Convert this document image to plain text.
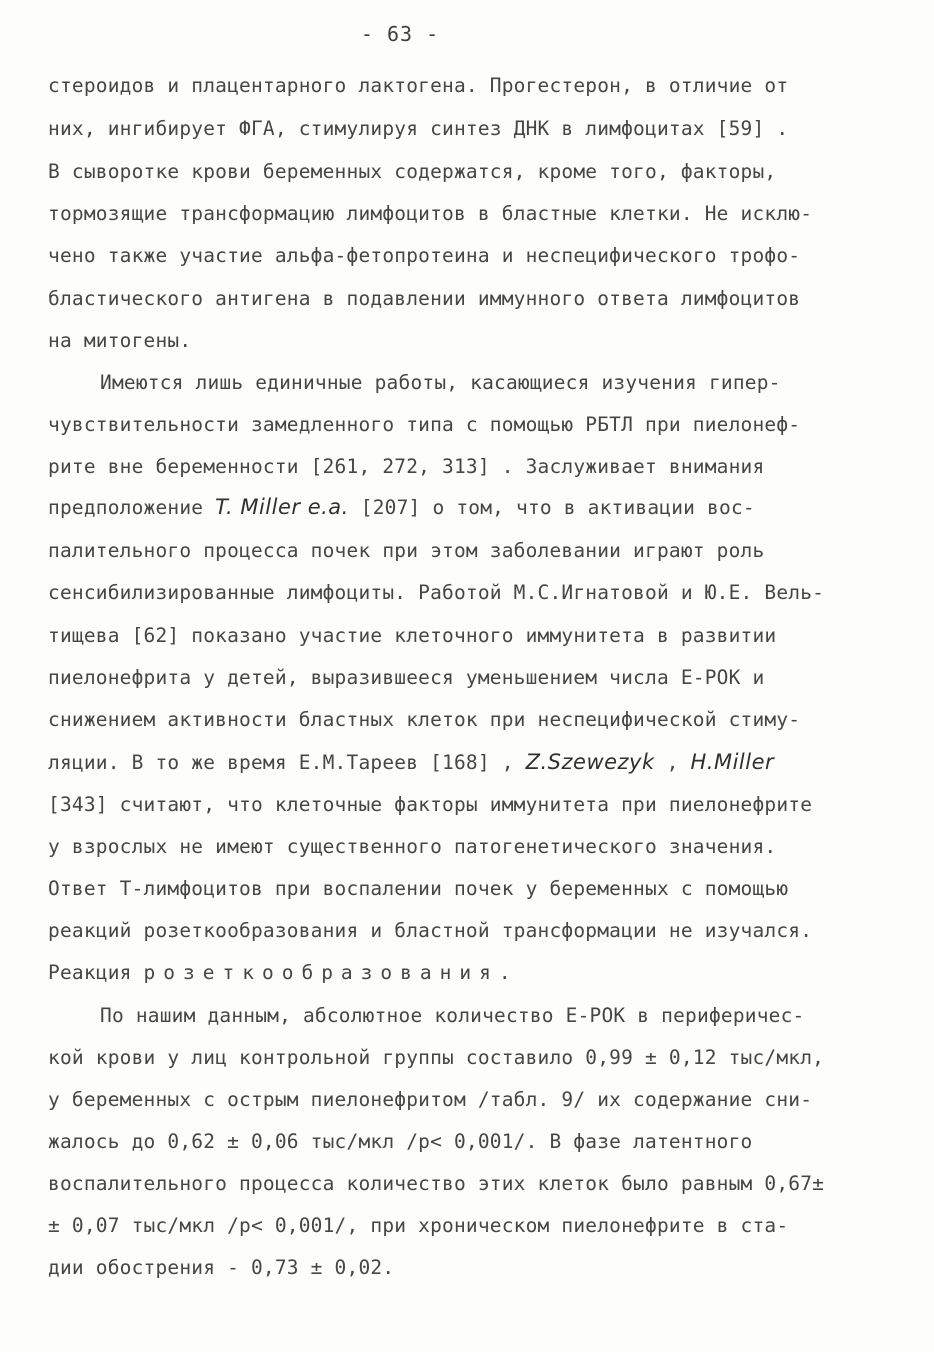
- 63 -
стероидов и плацентарного лактогена. Прогестерон, в отличие от
них, ингибирует ФГА, стимулируя синтез ДНК в лимфоцитах [59] .
В сыворотке крови беременных содержатся, кроме того, факторы,
тормозящие трансформацию лимфоцитов в бластные клетки. Не исклю-
чено также участие альфа-фетопротеина и неспецифического трофо-
бластического антигена в подавлении иммунного ответа лимфоцитов
на митогены.
Имеются лишь единичные работы, касающиеся изучения гипер-
чувствительности замедленного типа с помощью РБТЛ при пиелонеф-
рите вне беременности [261, 272, 313] . Заслуживает внимания
предположение T. Miller e.a. [207] о том, что в активации вос-
палительного процесса почек при этом заболевании играют роль
сенсибилизированные лимфоциты. Работой М.С.Игнатовой и Ю.Е. Вель-
тищева [62] показано участие клеточного иммунитета в развитии
пиелонефрита у детей, выразившееся уменьшением числа Е-РОК и
снижением активности бластных клеток при неспецифической стиму-
ляции. В то же время Е.М.Тареев [168] , Z.Szewezyk , H.Miller
[343] считают, что клеточные факторы иммунитета при пиелонефрите
у взрослых не имеют существенного патогенетического значения.
Ответ Т-лимфоцитов при воспалении почек у беременных с помощью
реакций розеткообразования и бластной трансформации не изучался.
Реакция розеткообразования.
По нашим данным, абсолютное количество Е-РОК в периферичес-
кой крови у лиц контрольной группы составило 0,99 ± 0,12 тыс/мкл,
у беременных с острым пиелонефритом /табл. 9/ их содержание сни-
жалось до 0,62 ± 0,06 тыс/мкл /р< 0,001/. В фазе латентного
воспалительного процесса количество этих клеток было равным 0,67±
± 0,07 тыс/мкл /р< 0,001/, при хроническом пиелонефрите в ста-
дии обострения - 0,73 ± 0,02.
